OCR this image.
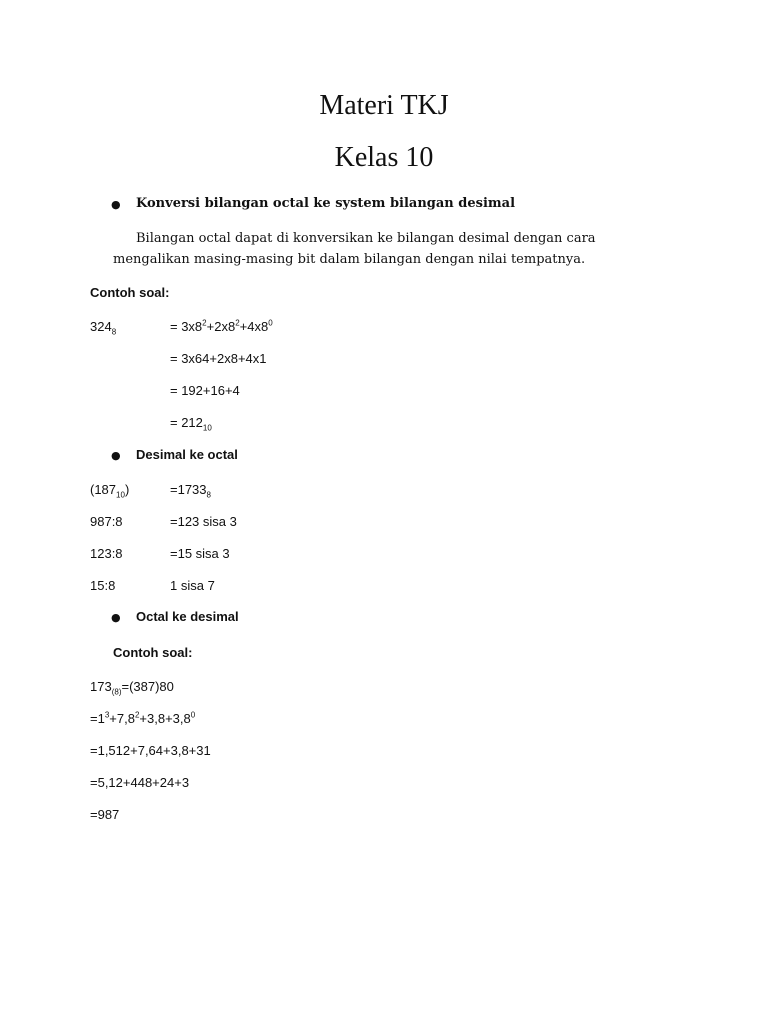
Materi TKJ
Kelas 10
● Konversi bilangan octal ke system bilangan desimal
Bilangan octal dapat di konversikan ke bilangan desimal dengan cara mengalikan masing-masing bit dalam bilangan dengan nilai tempatnya.
Contoh soal:
$324_8$	= $3x8^2+2x8^2+4x8^0$
= 3x64+2x8+4x1
= 192+16+4
= $212_{10}$
● Desimal ke octal
$(187_{10})$	$=1733_8$
987:8	=123 sisa 3
123:8	=15 sisa 3
15:8	1 sisa 7
● Octal ke desimal
Contoh soal:
$173_{(8)}=(387)80$
$=1^3+7,8^2+3,8+3,8^0$
=1,512+7,64+3,8+31
=5,12+448+24+3
=987
